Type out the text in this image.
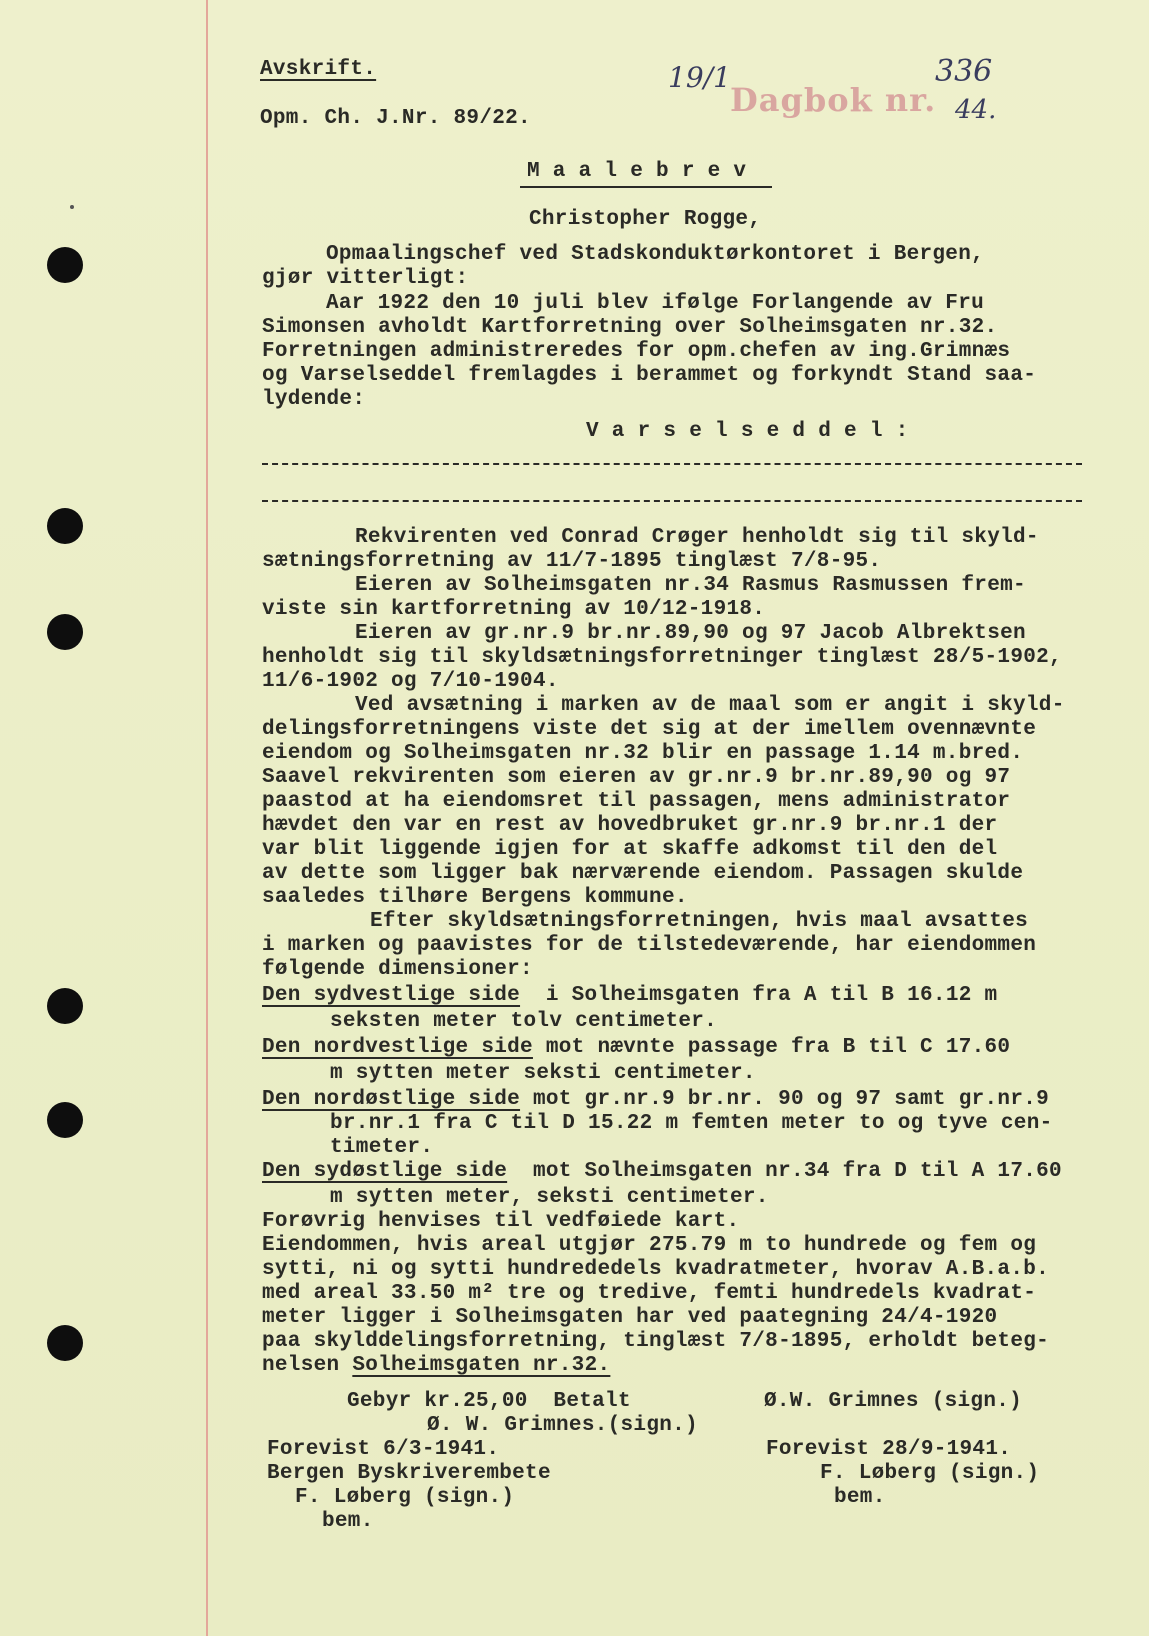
Avskrift.
Opm. Ch. J.Nr. 89/22.	Dagbok nr.
19/1	336
44.
M a a l e b r e v
Christopher Rogge,
Opmaalingschef ved Stadskonduktørkontoret i Bergen,
gjør vitterligt:
Aar 1922 den 10 juli blev ifølge Forlangende av Fru
Simonsen avholdt Kartforretning over Solheimsgaten nr.32.
Forretningen administreredes for opm.chefen av ing.Grimnæs
og Varselseddel fremlagdes i berammet og forkyndt Stand saa-
lydende:
V a r s e l s e d d e l :
Rekvirenten ved Conrad Crøger henholdt sig til skyld-
sætningsforretning av 11/7-1895 tinglæst 7/8-95.
Eieren av Solheimsgaten nr.34 Rasmus Rasmussen frem-
viste sin kartforretning av 10/12-1918.
Eieren av gr.nr.9 br.nr.89,90 og 97 Jacob Albrektsen
henholdt sig til skyldsætningsforretninger tinglæst 28/5-1902,
11/6-1902 og 7/10-1904.
Ved avsætning i marken av de maal som er angit i skyld-
delingsforretningens viste det sig at der imellem ovennævnte
eiendom og Solheimsgaten nr.32 blir en passage 1.14 m.bred.
Saavel rekvirenten som eieren av gr.nr.9 br.nr.89,90 og 97
paastod at ha eiendomsret til passagen, mens administrator
hævdet den var en rest av hovedbruket gr.nr.9 br.nr.1 der
var blit liggende igjen for at skaffe adkomst til den del
av dette som ligger bak nærværende eiendom. Passagen skulde
saaledes tilhøre Bergens kommune.
Efter skyldsætningsforretningen, hvis maal avsattes
i marken og paavistes for de tilstedeværende, har eiendommen
følgende dimensioner:
Den sydvestlige side  i Solheimsgaten fra A til B 16.12 m
seksten meter tolv centimeter.
Den nordvestlige side mot nævnte passage fra B til C 17.60
m sytten meter seksti centimeter.
Den nordøstlige side mot gr.nr.9 br.nr. 90 og 97 samt gr.nr.9
br.nr.1 fra C til D 15.22 m femten meter to og tyve cen-
timeter.
Den sydøstlige side  mot Solheimsgaten nr.34 fra D til A 17.60
m sytten meter, seksti centimeter.
Forøvrig henvises til vedføiede kart.
Eiendommen, hvis areal utgjør 275.79 m to hundrede og fem og
sytti, ni og sytti hundrededels kvadratmeter, hvorav A.B.a.b.
med areal 33.50 m² tre og tredive, femti hundredels kvadrat-
meter ligger i Solheimsgaten har ved paategning 24/4-1920
paa skylddelingsforretning, tinglæst 7/8-1895, erholdt beteg-
nelsen Solheimsgaten nr.32.
Gebyr kr.25,00  Betalt
Ø. W. Grimnes.(sign.)
Forevist 6/3-1941.
Bergen Byskriverembete
F. Løberg (sign.)
bem.
Ø.W. Grimnes (sign.)
Forevist 28/9-1941.
F. Løberg (sign.)
bem.
